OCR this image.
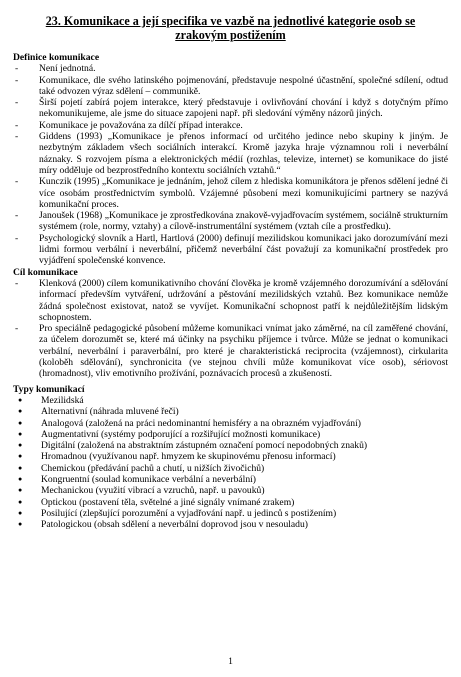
23. Komunikace a její specifika ve vazbě na jednotlivé kategorie osob se
zrakovým postižením
Definice komunikace
- Není jednotná.
- Komunikace, dle svého latinského pojmenování, představuje nespolné účastnění, společné sdílení, odtud také odvozen výraz sdělení – communikě.
- Širší pojetí zabírá pojem interakce, který představuje i ovlivňování chování i když s dotyčným přímo nekomunikujeme, ale jsme do situace zapojeni např. při sledování výměny názorů jiných.
- Komunikace je považována za dílčí případ interakce.
- Giddens (1993) „Komunikace je přenos informací od určitého jedince nebo skupiny k jiným. Je nezbytným základem všech sociálních interakcí. Kromě jazyka hraje významnou roli i neverbální náznaky. S rozvojem písma a elektronických médií (rozhlas, televize, internet) se komunikace do jisté míry odděluje od bezprostředního kontextu sociálních vztahů.“
- Kunczik (1995) „Komunikace je jednáním, jehož cílem z hlediska komunikátora je přenos sdělení jedné či více osobám prostřednictvím symbolů. Vzájemné působení mezi komunikujícími partnery se nazývá komunikační proces.
- Janoušek (1968) „Komunikace je zprostředkována znakově-vyjadřovacím systémem, sociálně strukturním systémem (role, normy, vztahy) a cílově-instrumentální systémem (vztah cíle a prostředku).
- Psychologický slovník a Hartl, Hartlová (2000) definují mezilidskou komunikaci jako dorozumívání mezi lidmi formou verbální i neverbální, přičemž neverbální část považují za komunikační prostředek pro vyjádření společenské konvence.
Cíl komunikace
- Klenková (2000) cílem komunikativního chování člověka je kromě vzájemného dorozumívání a sdělování informací především vytváření, udržování a pěstování mezilidských vztahů. Bez komunikace nemůže žádná společnost existovat, natož se vyvíjet. Komunikační schopnost patří k nejdůležitějším lidským schopnostem.
- Pro speciálně pedagogické působení můžeme komunikaci vnímat jako záměrné, na cíl zaměřené chování, za účelem dorozumět se, které má účinky na psychiku příjemce i tvůrce. Může se jednat o komunikaci verbální, neverbální i paraverbální, pro které je charakteristická reciprocita (vzájemnost), cirkularita (koloběh sdělování), synchronicita (ve stejnou chvíli může komunikovat více osob), sériovost (hromadnost), vliv emotivního prožívání, poznávacích procesů a zkušeností.
Typy komunikací
● Mezilidská
● Alternativní (náhrada mluvené řeči)
● Analogová (založená na práci nedominantní hemisféry a na obrazném vyjadřování)
● Augmentativní (systémy podporující a rozšiřující možnosti komunikace)
● Digitální (založená na abstraktním zástupném označení pomocí nepodobných znaků)
● Hromadnou (využívanou např. hmyzem ke skupinovému přenosu informací)
● Chemickou (předávání pachů a chutí, u nižších živočichů)
● Kongruentní (soulad komunikace verbální a neverbální)
● Mechanickou (využití vibrací a vzruchů, např. u pavouků)
● Optickou (postavení těla, světelné a jiné signály vnímané zrakem)
● Posilující (zlepšující porozumění a vyjadřování např. u jedinců s postižením)
● Patologickou (obsah sdělení a neverbální doprovod jsou v nesouladu)
1
